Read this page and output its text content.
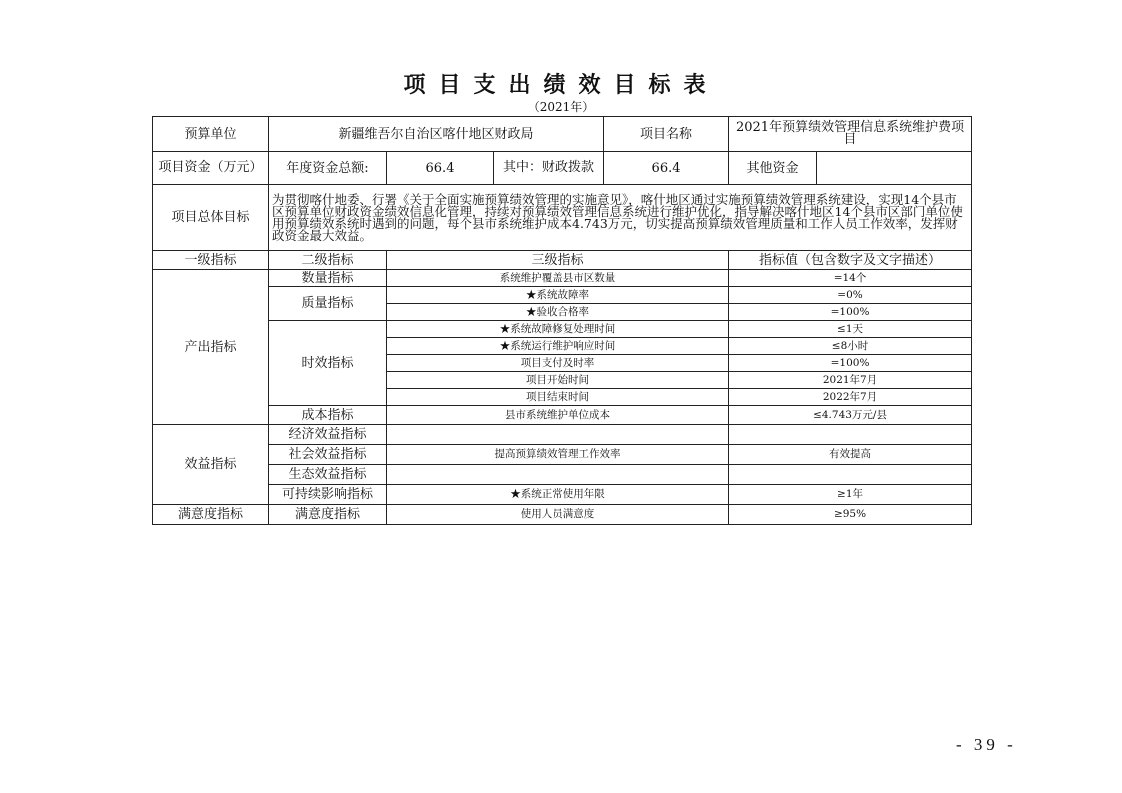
项目支出绩效目标表
（2021年）
预算单位	新疆维吾尔自治区喀什地区财政局			项目名称	2021年预算绩效管理信息系统维护费项目	
项目资金（万元）	年度资金总额:	66.4	其中：财政拨款	66.4	其他资金	
项目总体目标	为贯彻喀什地委、行署《关于全面实施预算绩效管理的实施意见》，喀什地区通过实施预算绩效管理系统建设，实现14个县市区预算单位财政资金绩效信息化管理，持续对预算绩效管理信息系统进行维护优化，指导解决喀什地区14个县市区部门单位使用预算绩效系统时遇到的问题，每个县市系统维护成本4.743万元，切实提高预算绩效管理质量和工作人员工作效率，发挥财政资金最大效益。					
一级指标	二级指标	三级指标			指标值（包含数字及文字描述）	
产出指标	数量指标	系统维护覆盖县市区数量			=14个	
	质量指标	★系统故障率			=0%	
		★验收合格率			=100%	
	时效指标	★系统故障修复处理时间			≤1天	
		★系统运行维护响应时间			≤8小时	
		项目支付及时率			=100%	
		项目开始时间			2021年7月	
		项目结束时间			2022年7月	
	成本指标	县市系统维护单位成本			≤4.743万元/县	
效益指标	经济效益指标					
	社会效益指标	提高预算绩效管理工作效率			有效提高	
	生态效益指标					
	可持续影响指标	★系统正常使用年限			≥1年	
满意度指标	满意度指标	使用人员满意度			≥95%	
- 39 -
